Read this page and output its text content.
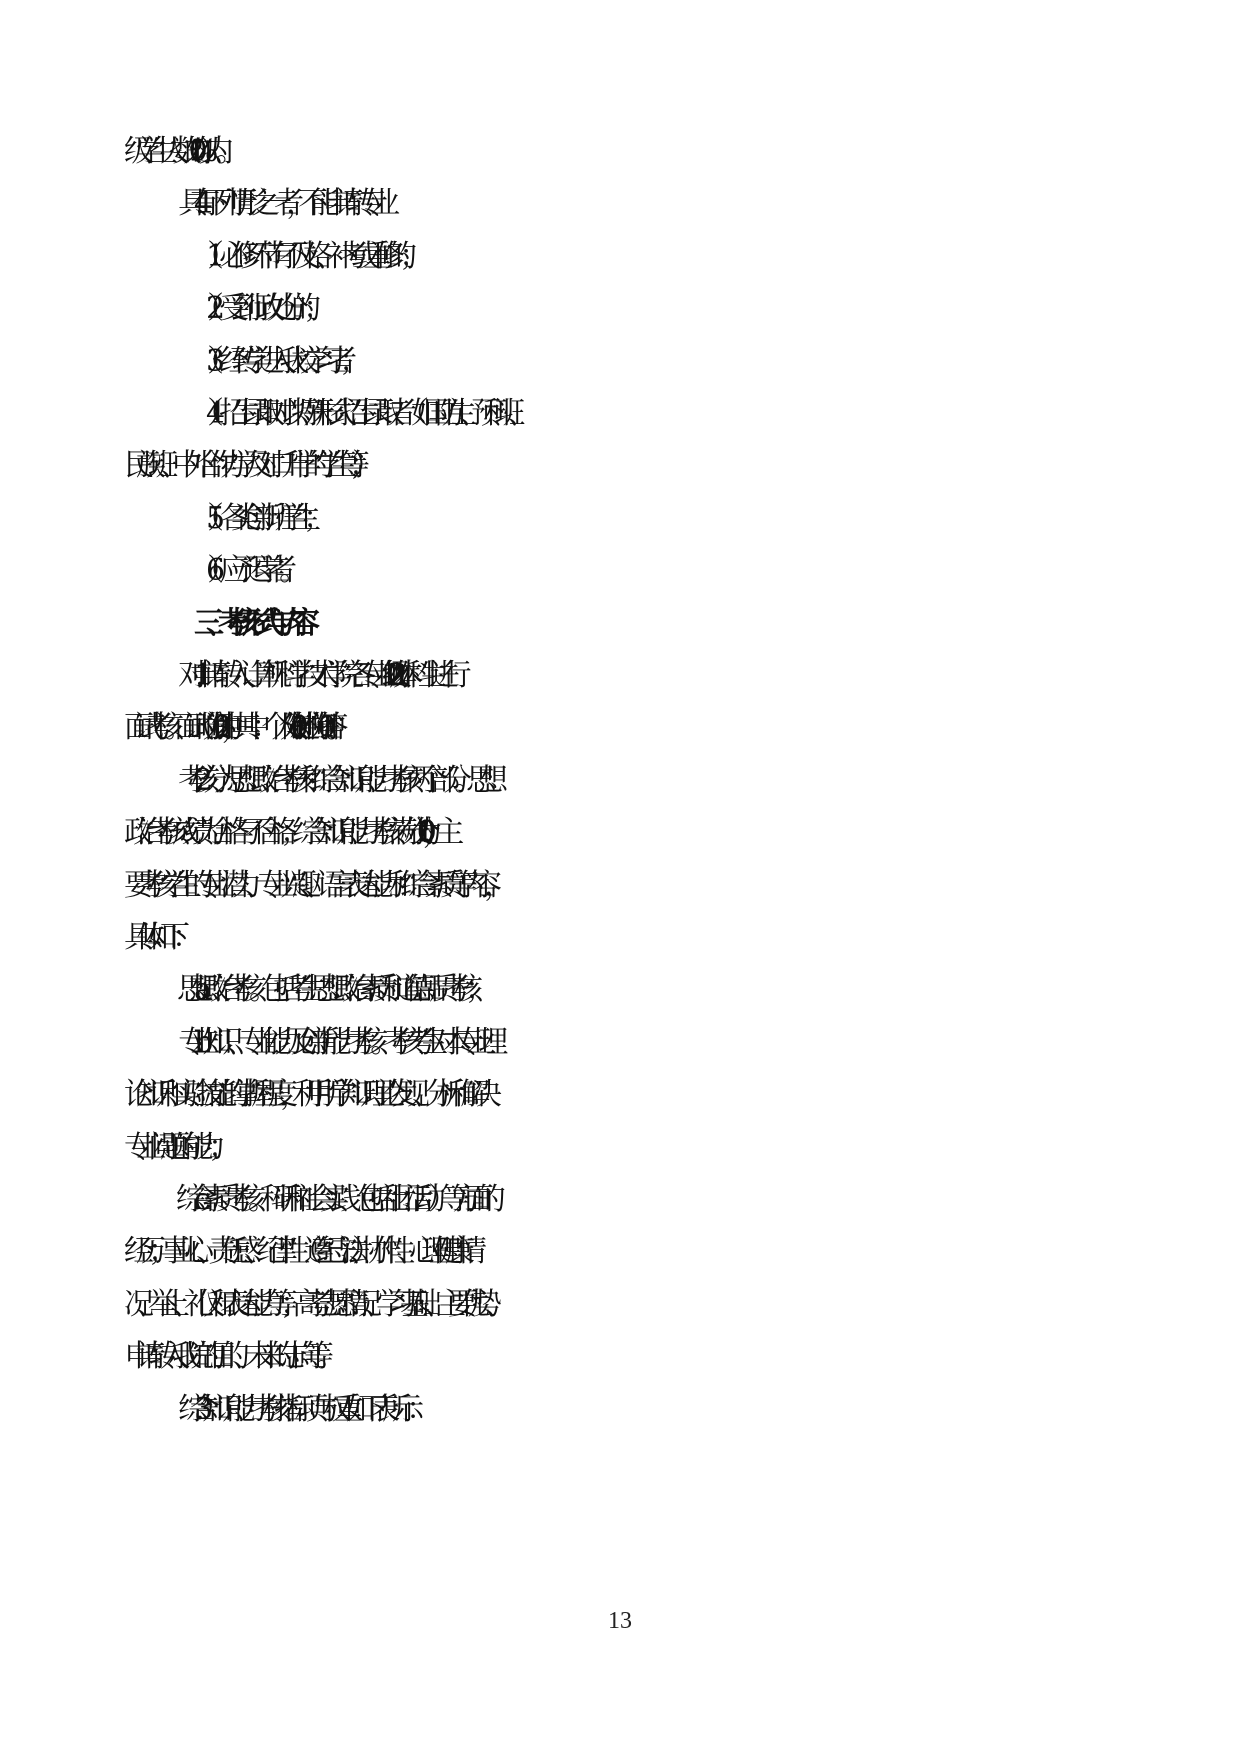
级学生人数的 10% 以内。
4. 具有下列情形之一者，不能申请转专业
（1）必修环节有不及格、补考或重修的；
（2）受到行政处分的；
（3）经转学进入我校学习者；
（4）招生录取时以特殊形式招生录取者（如国防生、预科班、
民族班、中外合作办学及对口升学的学生等）；
（5）各类创新班学生；
（6）应予退学者。
三、考核形式与内容
1. 对申请转入计算机科学技术学院各专业的 2022 级本科生进行
面试考核。面试时间为 20 分钟，其中：个人陈述 10 分钟、问答 10 分钟。
2. 考核分为思想政治考核和综合知识能力考核两个部分。思想
政治考核成绩为合格与不合格；综合知识能力考核满分为 100 分，主
要考核学生的专业潜力、专业兴趣、语言表达能力和综合素质等内容，
具体如下：
a. 思想政治考核。包括考生思想政治素质和道德品质考核；
b. 专业知识、专业能力及创新能力考核。考核考生对本专业理
论知识和实验技能的掌握程度，利用所学知识理论发现、分析和解决
专业问题的能力；
c. 综合素质考核。科研和社会实践（包括社团活动）等方面的
经历；事业心、责任感、纪律性（遵纪守法）、协作性、心理健康情
况、举止、礼仪和表达能力等；高考志愿情况、学习基础、主要优势、
申请转入我院的目的、未来的志向等。
3. 综合知识能力考核指标项与权重如下表所示：
13
